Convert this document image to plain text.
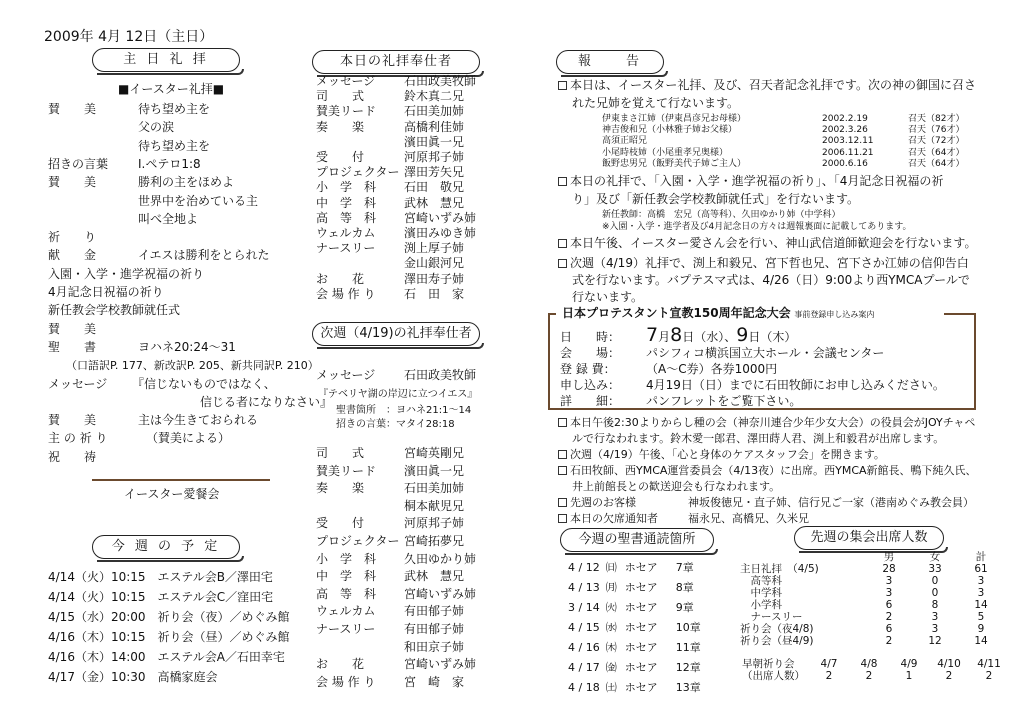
2009年 4月 12日（主日）
主 日 礼 拝
■イースター礼拝■
賛　　美	待ち望め主を
父の涙
待ち望め主を
招きの言葉 I.ペテロ1:8
賛　　美	勝利の主をほめよ
世界中を治めている主
叫べ全地よ
祈　　り
献　　金	イエスは勝利をとられた
入園・入学・進学祝福の祈り
4月記念日祝福の祈り
新任教会学校教師就任式
賛　　美
聖　　書	ヨハネ20:24～31
（口語訳P. 177、新改訳P. 205、新共同訳P. 210）
メッセージ 『信じないものではなく、
信じる者になりなさい』
賛　　美	主は今生きておられる
主 の 祈 り	（賛美による）
祝　　祷
イースター愛餐会
今 週 の 予 定
4/14（火）10:15　エステル会B／澤田宅
4/14（火）10:15　エステル会C／窪田宅
4/15（水）20:00　祈り会（夜）／めぐみ館
4/16（木）10:15　祈り会（昼）／めぐみ館
4/16（木）14:00　エステル会A／石田幸宅
4/17（金）10:30　高橋家庭会
本日の礼拝奉仕者
メッセージ 石田政美牧師
司　　式	鈴木真二兄
賛美リード 石田美加姉
奏　　楽	高橋利佳姉
濱田眞一兄
受　　付	河原邦子姉
プロジェクター 澤田芳矢兄
小　学　科 石田　敬兄
中　学　科 武林　慧兄
高　等　科 宮崎いずみ姉
ウェルカム 濱田みゆき姉
ナースリー 渕上厚子姉
金山銀河兄
お　　花	澤田寿子姉
会 場 作 り 石　田　家
次週（4/19)の礼拝奉仕者
メッセージ 石田政美牧師
『テベリヤ湖の岸辺に立つイエス』
聖書箇所　：ヨハネ21:1～14
招きの言葉：マタイ28:18
司　　式	宮崎英剛兄
賛美リード 濱田眞一兄
奏　　楽	石田美加姉
桐本献児兄
受　　付	河原邦子姉
プロジェクター 宮崎拓夢兄
小　学　科 久田ゆかり姉
中　学　科 武林　慧兄
高　等　科 宮崎いずみ姉
ウェルカム 有田郁子姉
ナースリー 有田郁子姉
和田京子姉
お　　花	宮崎いずみ姉
会 場 作 り 宮　崎　家
報　　告
本日は、イースター礼拝、及び、召天者記念礼拝です。次の神の御国に召さ
れた兄姉を覚えて行ないます。
伊東まさ江姉（伊東昌彦兄お母様）	2002.2.19	召天（82才）
神吉俊和兄（小林雅子姉お父様）	2002.3.26	召天（76才）
高須正昭兄	2003.12.11	召天（72才）
小尾時枝姉（小尾重孝兄奥様）	2006.11.21	召天（64才）
飯野忠男兄（飯野美代子姉ご主人）	2000.6.16	召天（64才）
本日の礼拝で、「入園・入学・進学祝福の祈り」、「4月記念日祝福の祈
り」及び「新任教会学校教師就任式」を行ないます。
新任教師：高橋　宏兄（高等科）、久田ゆかり姉（中学科）
※入園・入学・進学者及び4月記念日の方々は週報裏面に記載してあります。
本日午後、イースター愛さん会を行い、神山武信道師歓迎会を行ないます。
次週（4/19）礼拝で、渕上和毅兄、宮下哲也兄、宮下さか江姉の信仰告白
式を行ないます。バプテスマ式は、4/26（日）9:00より西YMCAプールで
行ないます。
日本プロテスタント宣教150周年記念大会 事前登録申し込み案内
日　　時： 7月8日（水）、9日（木）
会　　場： パシフィコ横浜国立大ホール・会議センター
登 録 費：	（A～C券）各券1000円
申し込み： 4月19日（日）までに石田牧師にお申し込みください。
詳　　細： パンフレットをご覧下さい。
本日午後2:30よりからし種の会（神奈川連合少年少女大会）の役員会がJOYチャペ
ルで行なわれます。鈴木愛一郎君、澤田蒔人君、渕上和毅君が出席します。
次週（4/19）午後、「心と身体のケアスタッフ会」を開きます。
石田牧師、西YMCA運営委員会（4/13夜）に出席。西YMCA新館長、鴨下純久氏、
井上前館長との歓送迎会も行なわれます。
先週のお客様	神坂俊徳兄・直子姉、信行兄ご一家（港南めぐみ教会員）
本日の欠席通知者	福永兄、高橋兄、久米兄
今週の聖書通読箇所
4 / 12	㈰	ホセア	7章
4 / 13	㈪	ホセア	8章
3 / 14	㈫	ホセア	9章
4 / 15	㈬	ホセア	10章
4 / 16	㈭	ホセア	11章
4 / 17	㈮	ホセア	12章
4 / 18	㈯	ホセア	13章
先週の集会出席人数
	男	女	計
主日礼拝　（4/5)	28	33	61
　高等科	3	0	3
　中学科	3	0	3
　小学科	6	8	14
　ナースリー	2	3	5
祈り会（夜4/8)	6	3	9
祈り会（昼4/9)	2	12	14
早朝祈り会	4/7	4/8	4/9	4/10	4/11
（出席人数）	2	2	1	2	2
